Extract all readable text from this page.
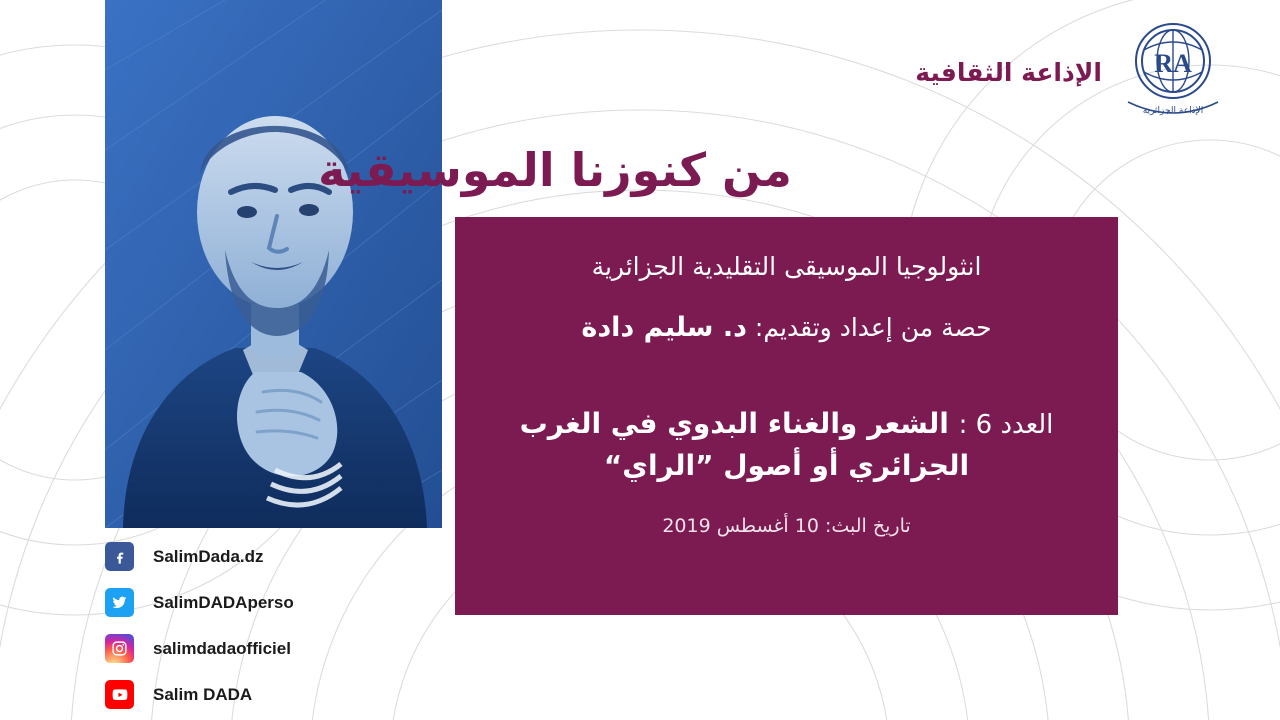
الإذاعة الثقافية RA
الإذاعة الجزائرية
من كنوزنا الموسيقية
انثولوجيا الموسيقى التقليدية الجزائرية
حصة من إعداد وتقديم: د. سليم دادة
العدد 6 : الشعر والغناء البدوي في الغرب
الجزائري أو أصول ”الراي“
تاريخ البث: 10 أغسطس 2019
SalimDada.dz
SalimDADAperso
salimdadaofficiel
Salim DADA
